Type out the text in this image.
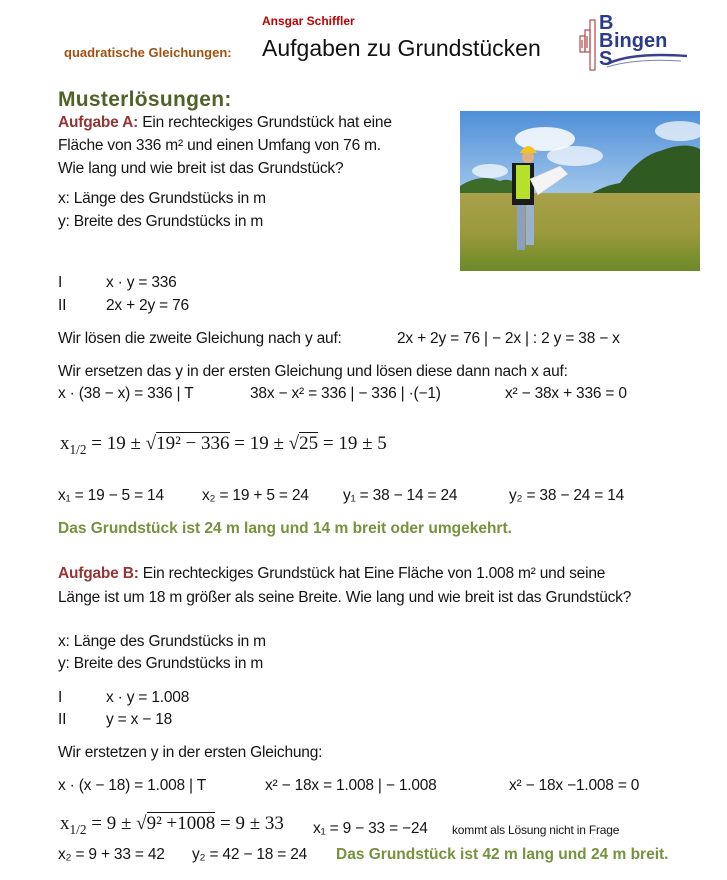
Ansgar Schiffler
quadratische Gleichungen: Aufgaben zu Grundstücken
B
B
S
ingen
Musterlösungen:
Aufgabe A: Ein rechteckiges Grundstück hat eine
Fläche von 336 m² und einen Umfang von 76 m.
Wie lang und wie breit ist das Grundstück?
x: Länge des Grundstücks in m
y: Breite des Grundstücks in m
I	x · y = 336
II	2x + 2y = 76
Wir lösen die zweite Gleichung nach y auf:	2x + 2y = 76 | − 2x | : 2 y = 38 − x
Wir ersetzen das y in der ersten Gleichung und lösen diese dann nach x auf:
x · (38 − x) = 336 | T	38x − x² = 336 | − 336 | ·(−1)	x² − 38x + 336 = 0
$x_{1/2} = 19 \pm √19^2 - 336 = 19 \pm √25 = 19 \pm 5$
x₁ = 19 − 5 = 14 x₂ = 19 + 5 = 24 y₁ = 38 − 14 = 24	y₂ = 38 − 24 = 14
Das Grundstück ist 24 m lang und 14 m breit oder umgekehrt.
Aufgabe B: Ein rechteckiges Grundstück hat Eine Fläche von 1.008 m² und seine
Länge ist um 18 m größer als seine Breite. Wie lang und wie breit ist das Grundstück?
x: Länge des Grundstücks in m
y: Breite des Grundstücks in m
I	x · y = 1.008
II	y = x − 18
Wir erstetzen y in der ersten Gleichung:
x · (x − 18) = 1.008 | T	x² − 18x = 1.008 | − 1.008	x² − 18x −1.008 = 0
$x_{1/2} = 9 \pm √9^2 +1008 = 9 \pm 33$ x₁ = 9 − 33 = −24 kommt als Lösung nicht in Frage
x₂ = 9 + 33 = 42 y₂ = 42 − 18 = 24 Das Grundstück ist 42 m lang und 24 m breit.
